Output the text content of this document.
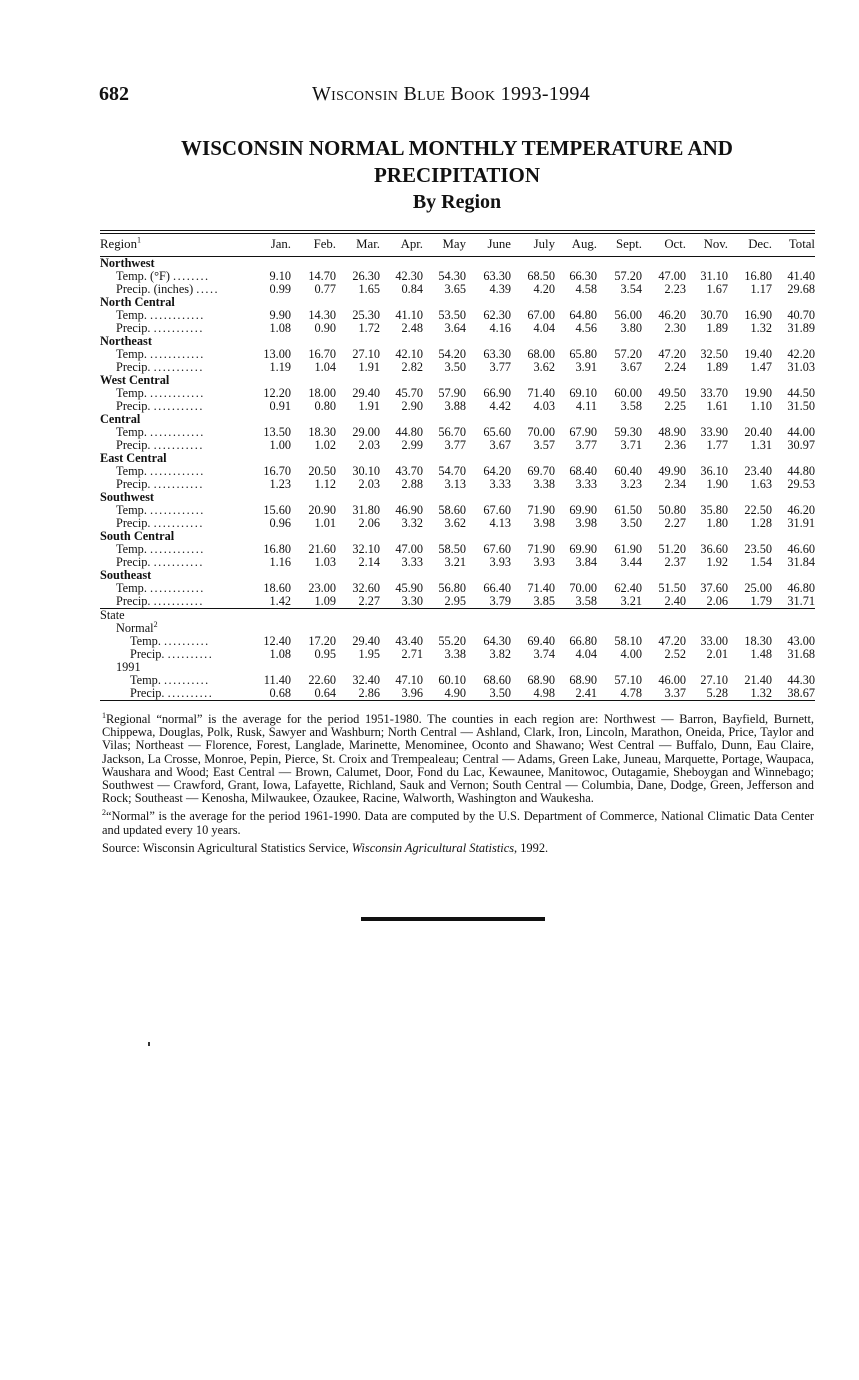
682	Wisconsin Blue Book 1993-1994
WISCONSIN NORMAL MONTHLY TEMPERATURE AND
PRECIPITATION
By Region
Region$^1$	Jan.	Feb.	Mar.	Apr.	May	June	July	Aug.	Sept.	Oct.	Nov.	Dec.	Total
Northwest													
Temp. (°F) ........	9.10	14.70	26.30	42.30	54.30	63.30	68.50	66.30	57.20	47.00	31.10	16.80	41.40
Precip. (inches) .....	0.99	0.77	1.65	0.84	3.65	4.39	4.20	4.58	3.54	2.23	1.67	1.17	29.68
North Central													
Temp. ............	9.90	14.30	25.30	41.10	53.50	62.30	67.00	64.80	56.00	46.20	30.70	16.90	40.70
Precip. ...........	1.08	0.90	1.72	2.48	3.64	4.16	4.04	4.56	3.80	2.30	1.89	1.32	31.89
Northeast													
Temp. ............	13.00	16.70	27.10	42.10	54.20	63.30	68.00	65.80	57.20	47.20	32.50	19.40	42.20
Precip. ...........	1.19	1.04	1.91	2.82	3.50	3.77	3.62	3.91	3.67	2.24	1.89	1.47	31.03
West Central													
Temp. ............	12.20	18.00	29.40	45.70	57.90	66.90	71.40	69.10	60.00	49.50	33.70	19.90	44.50
Precip. ...........	0.91	0.80	1.91	2.90	3.88	4.42	4.03	4.11	3.58	2.25	1.61	1.10	31.50
Central													
Temp. ............	13.50	18.30	29.00	44.80	56.70	65.60	70.00	67.90	59.30	48.90	33.90	20.40	44.00
Precip. ...........	1.00	1.02	2.03	2.99	3.77	3.67	3.57	3.77	3.71	2.36	1.77	1.31	30.97
East Central													
Temp. ............	16.70	20.50	30.10	43.70	54.70	64.20	69.70	68.40	60.40	49.90	36.10	23.40	44.80
Precip. ...........	1.23	1.12	2.03	2.88	3.13	3.33	3.38	3.33	3.23	2.34	1.90	1.63	29.53
Southwest													
Temp. ............	15.60	20.90	31.80	46.90	58.60	67.60	71.90	69.90	61.50	50.80	35.80	22.50	46.20
Precip. ...........	0.96	1.01	2.06	3.32	3.62	4.13	3.98	3.98	3.50	2.27	1.80	1.28	31.91
South Central													
Temp. ............	16.80	21.60	32.10	47.00	58.50	67.60	71.90	69.90	61.90	51.20	36.60	23.50	46.60
Precip. ...........	1.16	1.03	2.14	3.33	3.21	3.93	3.93	3.84	3.44	2.37	1.92	1.54	31.84
Southeast													
Temp. ............	18.60	23.00	32.60	45.90	56.80	66.40	71.40	70.00	62.40	51.50	37.60	25.00	46.80
Precip. ...........	1.42	1.09	2.27	3.30	2.95	3.79	3.85	3.58	3.21	2.40	2.06	1.79	31.71
State													
Normal$^2$
Temp. ..........	12.40	17.20	29.40	43.40	55.20	64.30	69.40	66.80	58.10	47.20	33.00	18.30	43.00
Precip. ..........	1.08	0.95	1.95	2.71	3.38	3.82	3.74	4.04	4.00	2.52	2.01	1.48	31.68
1991													
Temp. ..........	11.40	22.60	32.40	47.10	60.10	68.60	68.90	68.90	57.10	46.00	27.10	21.40	44.30
Precip. ..........	0.68	0.64	2.86	3.96	4.90	3.50	4.98	2.41	4.78	3.37	5.28	1.32	38.67

$^1$Regional “normal” is the average for the period 1951-1980. The counties in each region are: Northwest — Barron, Bayfield, Burnett, Chippewa, Douglas, Polk, Rusk, Sawyer and Washburn; North Central — Ashland, Clark, Iron, Lincoln, Marathon, Oneida, Price, Taylor and Vilas; Northeast — Florence, Forest, Langlade, Marinette, Menominee, Oconto and Shawano; West Central — Buffalo, Dunn, Eau Claire, Jackson, La Crosse, Monroe, Pepin, Pierce, St. Croix and Trempealeau; Central — Adams, Green Lake, Juneau, Marquette, Portage, Waupaca, Waushara and Wood; East Central — Brown, Calumet, Door, Fond du Lac, Kewaunee, Manitowoc, Outagamie, Sheboygan and Winnebago; Southwest — Crawford, Grant, Iowa, Lafayette, Richland, Sauk and Vernon; South Central — Columbia, Dane, Dodge, Green, Jefferson and Rock; Southeast — Kenosha, Milwaukee, Ozaukee, Racine, Walworth, Washington and Waukesha.

$^2$“Normal” is the average for the period 1961-1990. Data are computed by the U.S. Department of Commerce, National Climatic Data Center and updated every 10 years.

Source: Wisconsin Agricultural Statistics Service, Wisconsin Agricultural Statistics, 1992.
